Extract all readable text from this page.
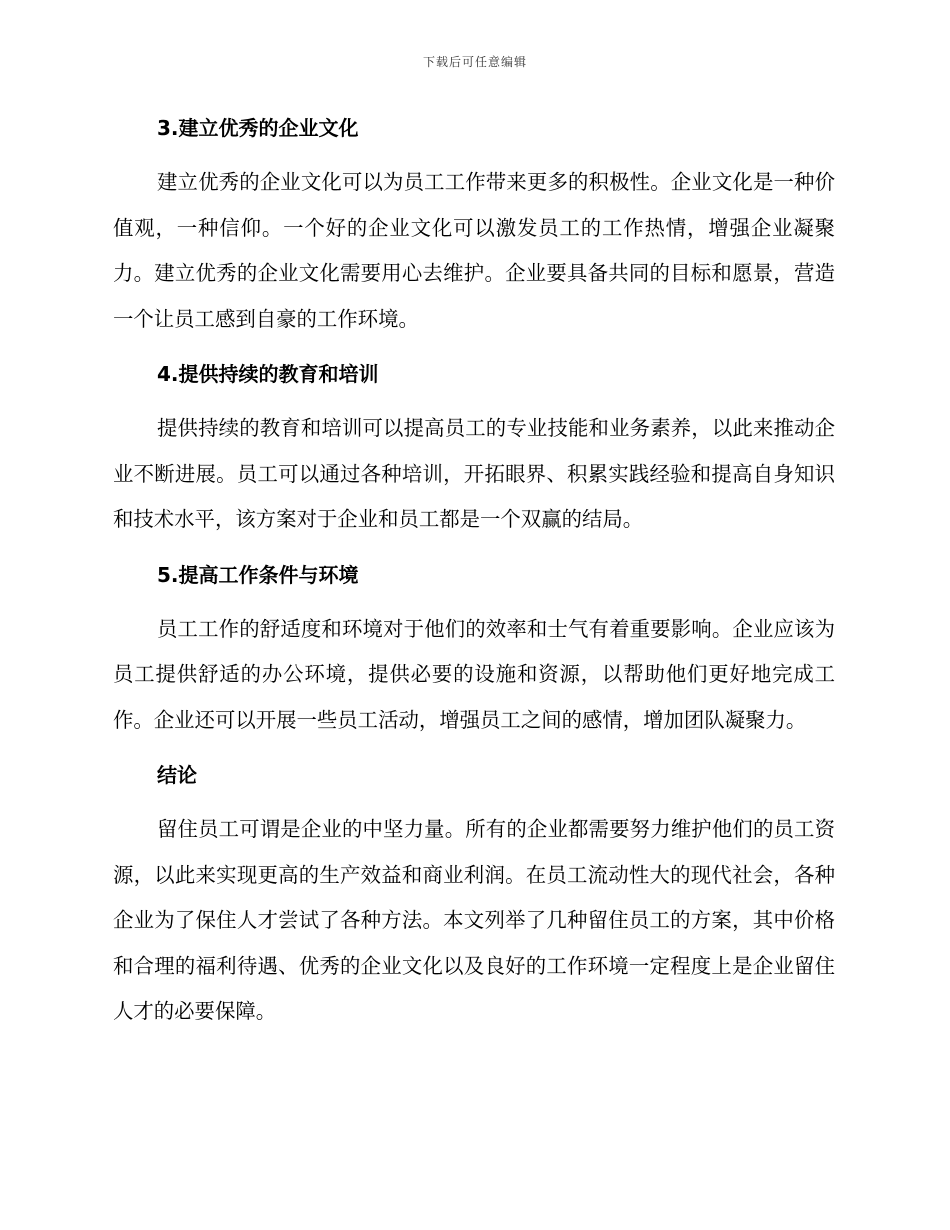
下载后可任意编辑
3.建立优秀的企业文化

建立优秀的企业文化可以为员工工作带来更多的积极性。企业文化是一种价值观，一种信仰。一个好的企业文化可以激发员工的工作热情，增强企业凝聚力。建立优秀的企业文化需要用心去维护。企业要具备共同的目标和愿景，营造一个让员工感到自豪的工作环境。

4.提供持续的教育和培训

提供持续的教育和培训可以提高员工的专业技能和业务素养，以此来推动企业不断进展。员工可以通过各种培训，开拓眼界、积累实践经验和提高自身知识和技术水平，该方案对于企业和员工都是一个双赢的结局。

5.提高工作条件与环境

员工工作的舒适度和环境对于他们的效率和士气有着重要影响。企业应该为员工提供舒适的办公环境，提供必要的设施和资源，以帮助他们更好地完成工作。企业还可以开展一些员工活动，增强员工之间的感情，增加团队凝聚力。

结论

留住员工可谓是企业的中坚力量。所有的企业都需要努力维护他们的员工资源，以此来实现更高的生产效益和商业利润。在员工流动性大的现代社会，各种企业为了保住人才尝试了各种方法。本文列举了几种留住员工的方案，其中价格和合理的福利待遇、优秀的企业文化以及良好的工作环境一定程度上是企业留住人才的必要保障。
